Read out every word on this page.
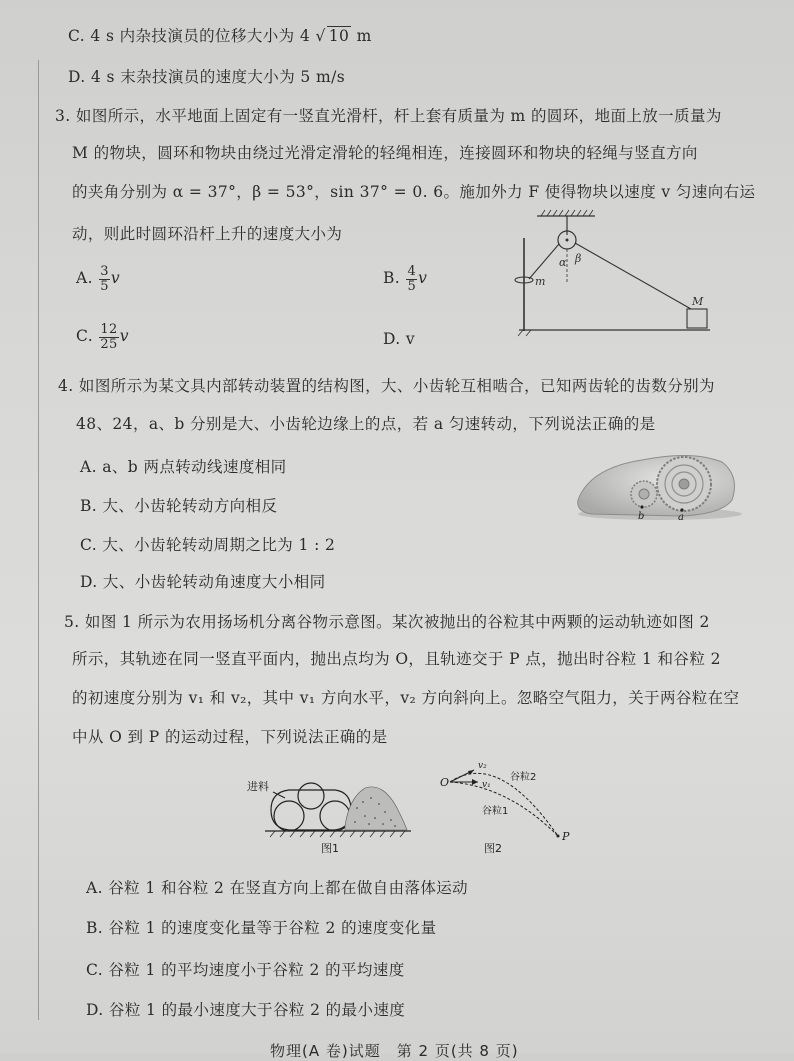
C. 4 s 内杂技演员的位移大小为 4 √ 10 m
D. 4 s 末杂技演员的速度大小为 5 m/s
3. 如图所示，水平地面上固定有一竖直光滑杆，杆上套有质量为 m 的圆环，地面上放一质量为
M 的物块，圆环和物块由绕过光滑定滑轮的轻绳相连，连接圆环和物块的轻绳与竖直方向
的夹角分别为 α = 37°，β = 53°，sin 37° = 0. 6。施加外力 F 使得物块以速度 v 匀速向右运
动，则此时圆环沿杆上升的速度大小为
A. $\frac{3}{5}$ v	B. $\frac{4}{5}$ v
C. $\frac{12}{25}$ v	D. v
α β
m
M
4. 如图所示为某文具内部转动装置的结构图，大、小齿轮互相啮合，已知两齿轮的齿数分别为
48、24，a、b 分别是大、小齿轮边缘上的点，若 a 匀速转动，下列说法正确的是
A. a、b 两点转动线速度相同
B. 大、小齿轮转动方向相反
C. 大、小齿轮转动周期之比为 1 : 2
D. 大、小齿轮转动角速度大小相同
b	a
5. 如图 1 所示为农用扬场机分离谷物示意图。某次被抛出的谷粒其中两颗的运动轨迹如图 2
所示，其轨迹在同一竖直平面内，抛出点均为 O，且轨迹交于 P 点，抛出时谷粒 1 和谷粒 2
的初速度分别为 v₁ 和 v₂，其中 v₁ 方向水平，v₂ 方向斜向上。忽略空气阻力，关于两谷粒在空
中从 O 到 P 的运动过程，下列说法正确的是
进料
图1
O
v₂
v₁
P
谷粒2
谷粒1
图2
A. 谷粒 1 和谷粒 2 在竖直方向上都在做自由落体运动
B. 谷粒 1 的速度变化量等于谷粒 2 的速度变化量
C. 谷粒 1 的平均速度小于谷粒 2 的平均速度
D. 谷粒 1 的最小速度大于谷粒 2 的最小速度
物理(A 卷)试题　第 2 页(共 8 页)
